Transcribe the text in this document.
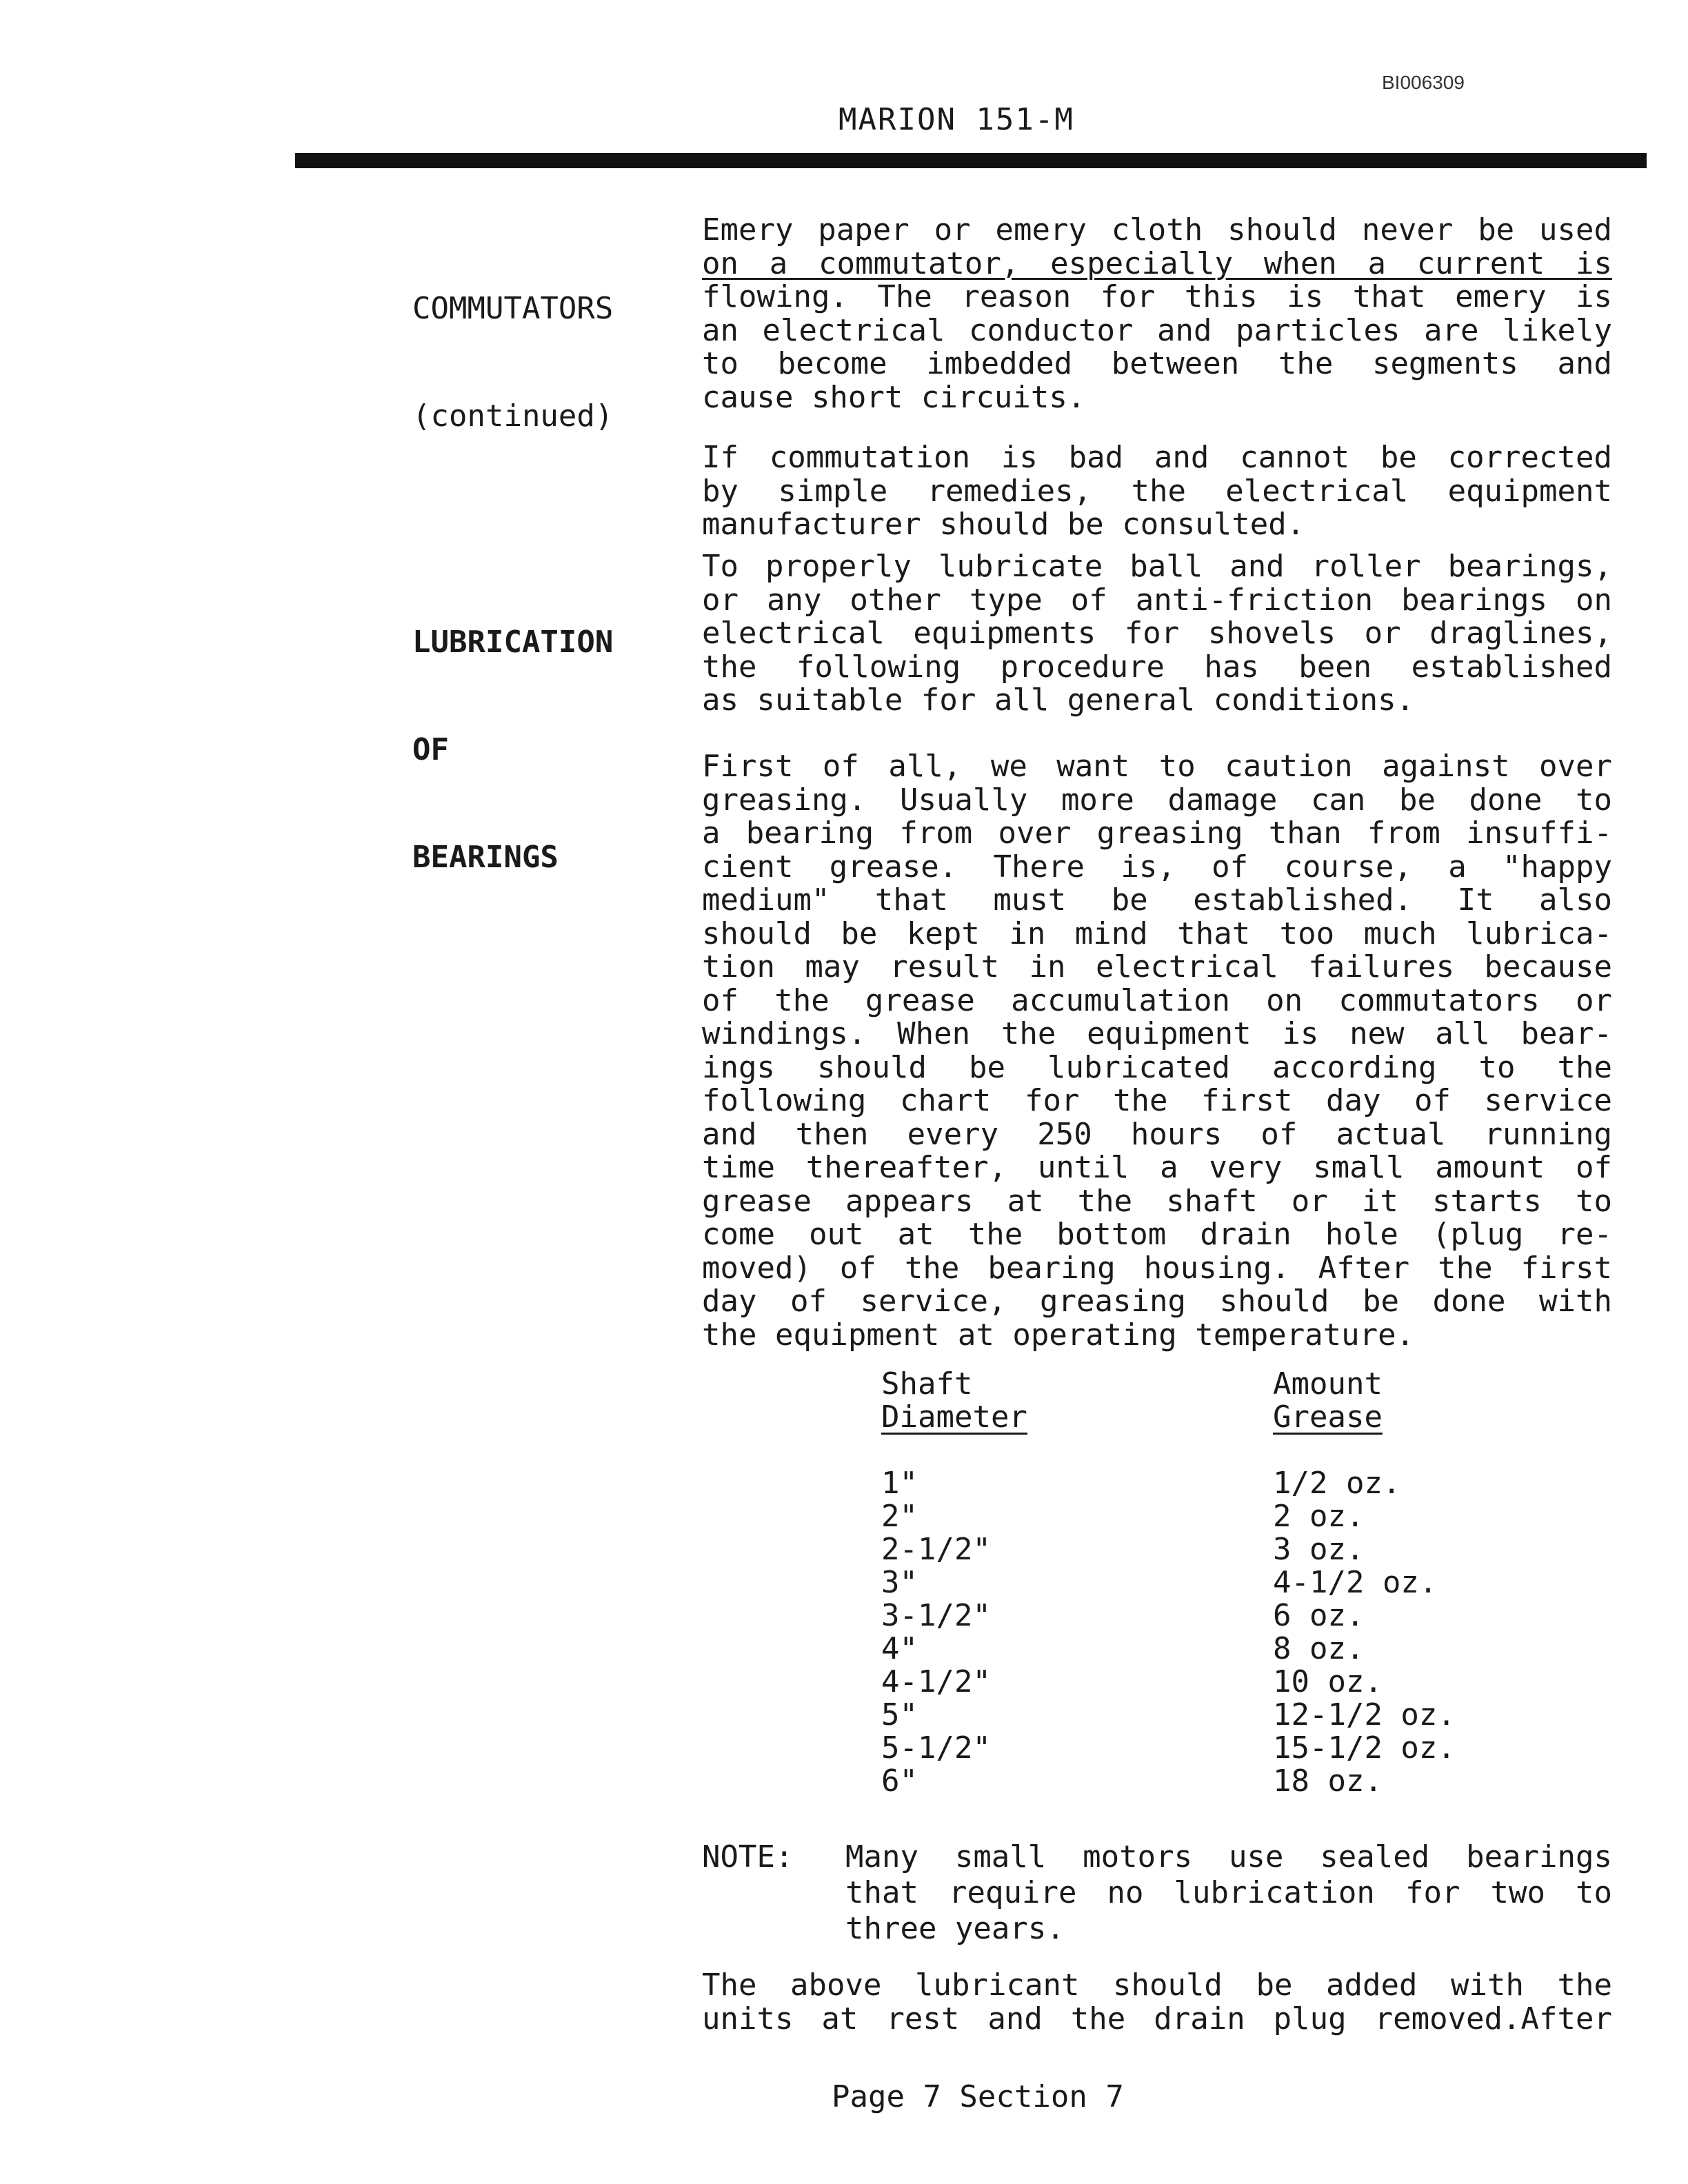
BI006309
MARION 151-M

COMMUTATORS

(continued)

LUBRICATION

OF

BEARINGS

Emery paper or emery cloth should never be used
on a commutator, especially when a current is
flowing. The reason for this is that emery is
an electrical conductor and particles are likely
to become imbedded between the segments and
cause short circuits.
If commutation is bad and cannot be corrected
by simple remedies, the electrical equipment
manufacturer should be consulted.
To properly lubricate ball and roller bearings,
or any other type of anti-friction bearings on
electrical equipments for shovels or draglines,
the following procedure has been established
as suitable for all general conditions.
First of all, we want to caution against over
greasing. Usually more damage can be done to
a bearing from over greasing than from insuffi-
cient grease. There is, of course, a "happy
medium" that must be established. It also
should be kept in mind that too much lubrica-
tion may result in electrical failures because
of the grease accumulation on commutators or
windings. When the equipment is new all bear-
ings should be lubricated according to the
following chart for the first day of service
and then every 250 hours of actual running
time thereafter, until a very small amount of
grease appears at the shaft or it starts to
come out at the bottom drain hole (plug re-
moved) of the bearing housing. After the first
day of service, greasing should be done with
the equipment at operating temperature.
Shaft
Diameter
Amount
Grease
1"
2"
2-1/2"
3"
3-1/2"
4"
4-1/2"
5"
5-1/2"
6"
1/2 oz.
2 oz.
3 oz.
4-1/2 oz.
6 oz.
8 oz.
10 oz.
12-1/2 oz.
15-1/2 oz.
18 oz.
NOTE: Many small motors use sealed bearings
that require no lubrication for two to
three years.
The above lubricant should be added with the
units at rest and the drain plug removed.After
Page 7 Section 7
